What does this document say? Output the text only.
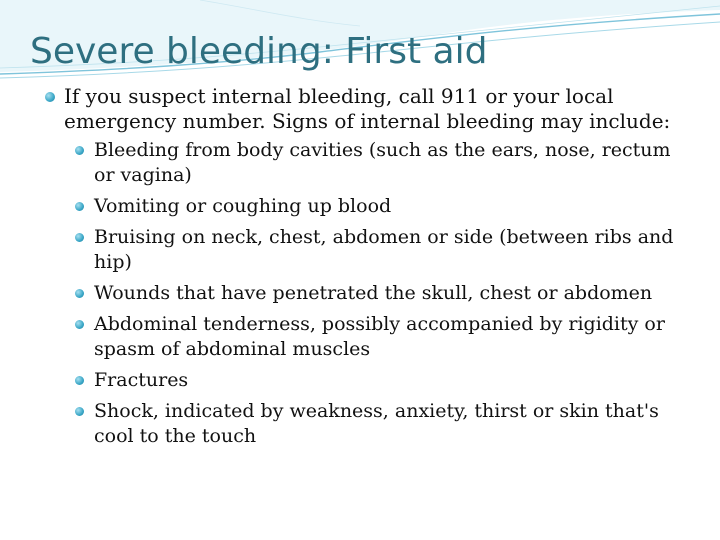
Severe bleeding: First aid

If you suspect internal bleeding, call 911 or your local emergency number. Signs of internal bleeding may include:

Bleeding from body cavities (such as the ears, nose, rectum or vagina)
Vomiting or coughing up blood
Bruising on neck, chest, abdomen or side (between ribs and hip)
Wounds that have penetrated the skull, chest or abdomen
Abdominal tenderness, possibly accompanied by rigidity or spasm of abdominal muscles
Fractures
Shock, indicated by weakness, anxiety, thirst or skin that's cool to the touch
